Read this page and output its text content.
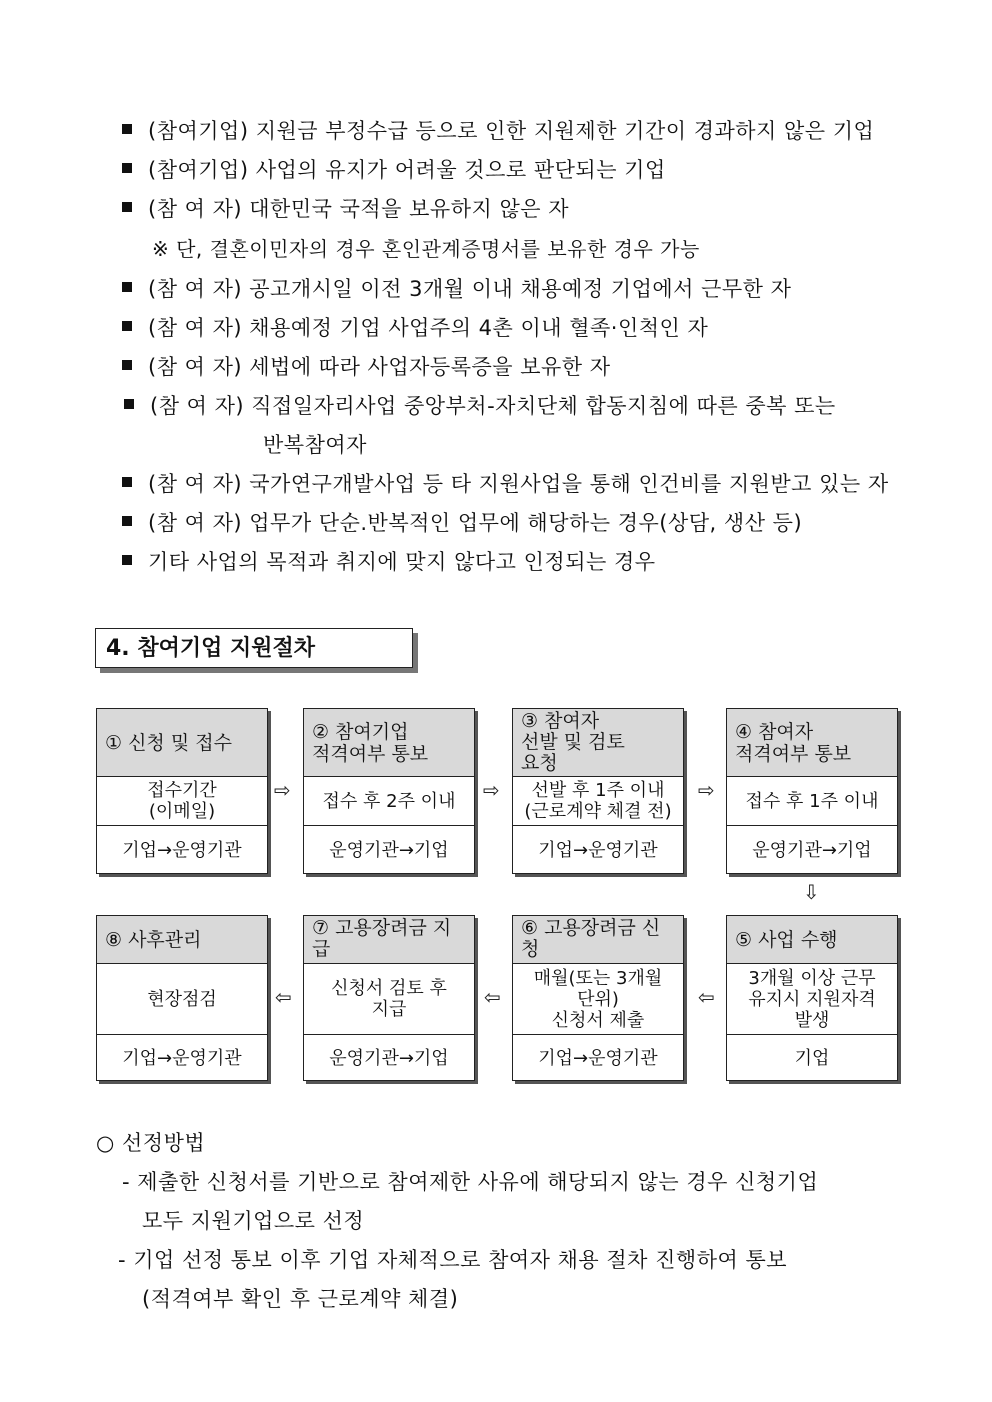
(참여기업) 지원금 부정수급 등으로 인한 지원제한 기간이 경과하지 않은 기업
(참여기업) 사업의 유지가 어려울 것으로 판단되는 기업
(참 여 자) 대한민국 국적을 보유하지 않은 자
※ 단, 결혼이민자의 경우 혼인관계증명서를 보유한 경우 가능
(참 여 자) 공고개시일 이전 3개월 이내 채용예정 기업에서 근무한 자
(참 여 자) 채용예정 기업 사업주의 4촌 이내 혈족·인척인 자
(참 여 자) 세법에 따라 사업자등록증을 보유한 자
(참 여 자) 직접일자리사업 중앙부처-자치단체 합동지침에 따른 중복 또는
반복참여자
(참 여 자) 국가연구개발사업 등 타 지원사업을 통해 인건비를 지원받고 있는 자
(참 여 자) 업무가 단순.반복적인 업무에 해당하는 경우(상담, 생산 등)
기타 사업의 목적과 취지에 맞지 않다고 인정되는 경우
4. 참여기업 지원절차
① 신청 및 접수
접수기간
(이메일)
기업→운영기관
⇨
② 참여기업
적격여부 통보
접수 후 2주 이내
운영기관→기업
⇨
③ 참여자
선발 및 검토
요청
선발 후 1주 이내
(근로계약 체결 전)
기업→운영기관
⇨
④ 참여자
적격여부 통보
접수 후 1주 이내
운영기관→기업
⇩
⑧ 사후관리
현장점검
기업→운영기관
⇦
⑦ 고용장려금 지급
신청서 검토 후
지급
운영기관→기업
⇦
⑥ 고용장려금 신청
매월(또는 3개월
단위)
신청서 제출
기업→운영기관
⇦
⑤ 사업 수행
3개월 이상 근무
유지시 지원자격
발생
기업
○ 선정방법
- 제출한 신청서를 기반으로 참여제한 사유에 해당되지 않는 경우 신청기업
모두 지원기업으로 선정
- 기업 선정 통보 이후 기업 자체적으로 참여자 채용 절차 진행하여 통보
(적격여부 확인 후 근로계약 체결)
